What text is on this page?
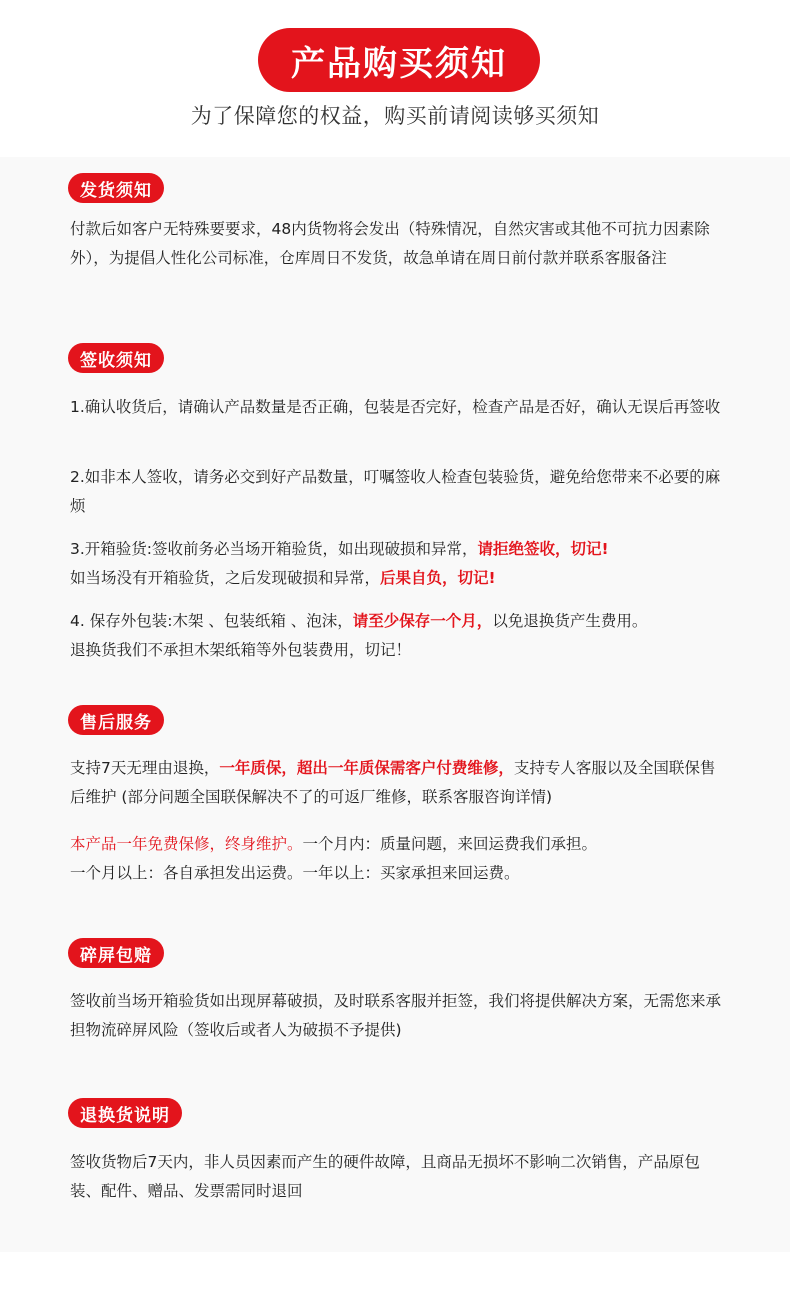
产品购买须知
为了保障您的权益，购买前请阅读够买须知
发货须知
付款后如客户无特殊要要求，48内货物将会发出（特殊情况，自然灾害或其他不可抗力因素除外），为提倡人性化公司标准，仓库周日不发货，故急单请在周日前付款并联系客服备注
签收须知
1.确认收货后，请确认产品数量是否正确，包装是否完好，检查产品是否好，确认无误后再签收
2.如非本人签收，请务必交到好产品数量，叮嘱签收人检查包装验货，避免给您带来不必要的麻烦
3.开箱验货:签收前务必当场开箱验货，如出现破损和异常，请拒绝签收，切记!
如当场没有开箱验货，之后发现破损和异常，后果自负，切记!
4. 保存外包装:木架 、包装纸箱 、泡沫，请至少保存一个月，以免退换货产生费用。
退换货我们不承担木架纸箱等外包装费用，切记！
售后服务
支持7天无理由退换，一年质保，超出一年质保需客户付费维修，支持专人客服以及全国联保售后维护 (部分问题全国联保解决不了的可返厂维修，联系客服咨询详情)
本产品一年免费保修，终身维护。一个月内：质量问题，来回运费我们承担。
一个月以上：各自承担发出运费。一年以上：买家承担来回运费。
碎屏包赔
签收前当场开箱验货如出现屏幕破损，及时联系客服并拒签，我们将提供解决方案，无需您来承担物流碎屏风险（签收后或者人为破损不予提供)
退换货说明
签收货物后7天内，非人员因素而产生的硬件故障，且商品无损坏不影响二次销售，产品原包装、配件、赠品、发票需同时退回
